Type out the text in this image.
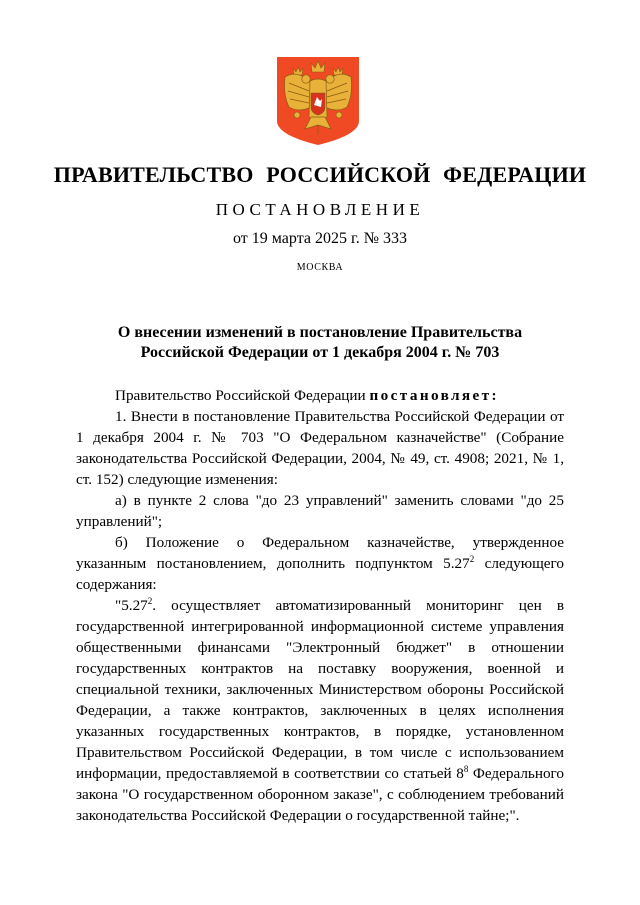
ПРАВИТЕЛЬСТВО РОССИЙСКОЙ ФЕДЕРАЦИИ
ПОСТАНОВЛЕНИЕ
от 19 марта 2025 г. № 333
МОСКВА
О внесении изменений в постановление Правительства
Российской Федерации от 1 декабря 2004 г. № 703

Правительство Российской Федерации постановляет:

1. Внести в постановление Правительства Российской Федерации от 1 декабря 2004 г. № 703 "О Федеральном казначействе" (Собрание законодательства Российской Федерации, 2004, № 49, ст. 4908; 2021, № 1, ст. 152) следующие изменения:

а) в пункте 2 слова "до 23 управлений" заменить словами "до 25 управлений";

б) Положение о Федеральном казначействе, утвержденное указанным постановлением, дополнить подпунктом 5.27$^2$ следующего содержания:

"5.27$^2$. осуществляет автоматизированный мониторинг цен в государственной интегрированной информационной системе управления общественными финансами "Электронный бюджет" в отношении государственных контрактов на поставку вооружения, военной и специальной техники, заключенных Министерством обороны Российской Федерации, а также контрактов, заключенных в целях исполнения указанных государственных контрактов, в порядке, установленном Правительством Российской Федерации, в том числе с использованием информации, предоставляемой в соответствии со статьей $8^8$ Федерального закона "О государственном оборонном заказе", с соблюдением требований законодательства Российской Федерации о государственной тайне;".
